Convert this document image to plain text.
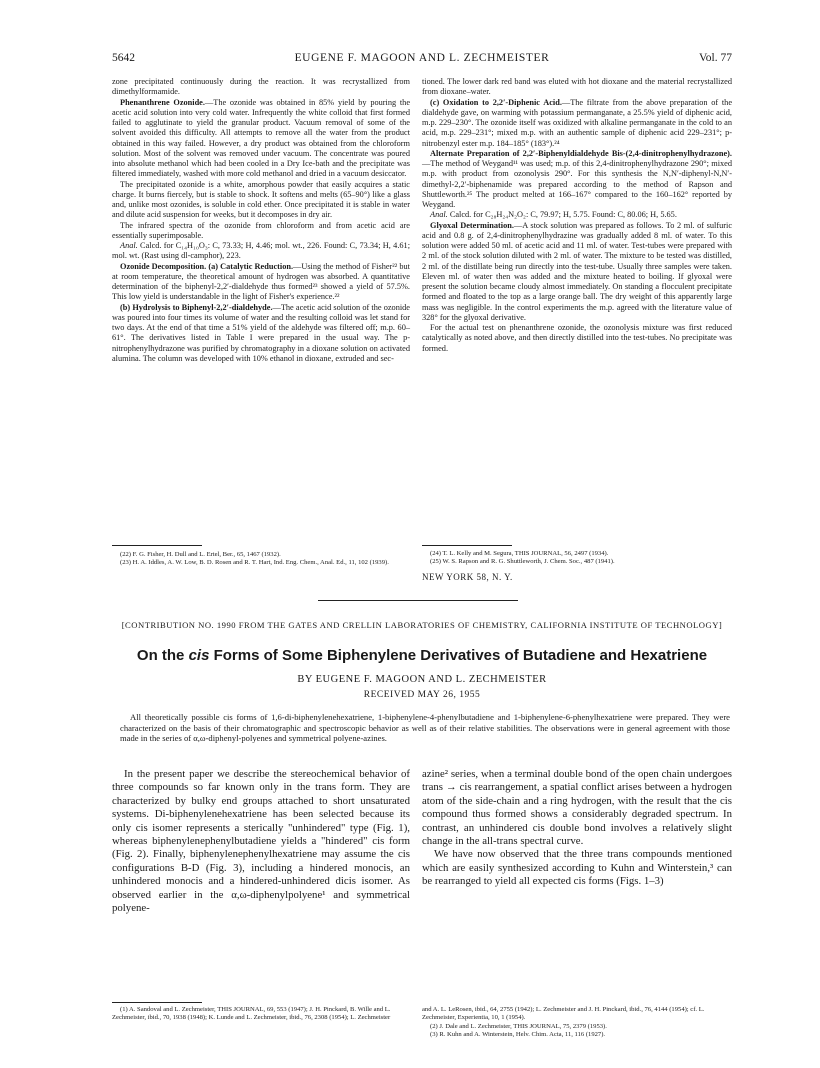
5642	EUGENE F. MAGOON AND L. ZECHMEISTER	Vol. 77

zone precipitated continuously during the reaction. It was recrystallized from dimethylformamide.

Phenanthrene Ozonide.—The ozonide was obtained in 85% yield by pouring the acetic acid solution into very cold water. Infrequently the white colloid that first formed failed to agglutinate to yield the granular product. Vacuum removal of some of the solvent avoided this difficulty. All attempts to remove all the water from the product obtained in this way failed. However, a dry product was obtained from the chloroform solution. Most of the solvent was removed under vacuum. The concentrate was poured into absolute methanol which had been cooled in a Dry Ice-bath and the precipitate was filtered immediately, washed with more cold methanol and dried in a vacuum desiccator.

The precipitated ozonide is a white, amorphous powder that easily acquires a static charge. It burns fiercely, but is stable to shock. It softens and melts (65–90°) like a glass and, unlike most ozonides, is soluble in cold ether. Once precipitated it is stable in water and dilute acid suspension for weeks, but it decomposes in dry air.

The infrared spectra of the ozonide from chloroform and from acetic acid are essentially superimposable.

Anal. Calcd. for C₁₄H₁₀O₃: C, 73.33; H, 4.46; mol. wt., 226. Found: C, 73.34; H, 4.61; mol. wt. (Rast using dl-camphor), 223.

Ozonide Decomposition. (a) Catalytic Reduction.—Using the method of Fisher²² but at room temperature, the theoretical amount of hydrogen was absorbed. A quantitative determination of the biphenyl-2,2′-dialdehyde thus formed²³ showed a yield of 57.5%. This low yield is understandable in the light of Fisher's experience.²²

(b) Hydrolysis to Biphenyl-2,2′-dialdehyde.—The acetic acid solution of the ozonide was poured into four times its volume of water and the resulting colloid was let stand for two days. At the end of that time a 51% yield of the aldehyde was filtered off; m.p. 60–61°. The derivatives listed in Table I were prepared in the usual way. The p-nitrophenylhydrazone was purified by chromatography in a dioxane solution on activated alumina. The column was developed with 10% ethanol in dioxane, extruded and sec-

tioned. The lower dark red band was eluted with hot dioxane and the material recrystallized from dioxane–water.

(c) Oxidation to 2,2′-Diphenic Acid.—The filtrate from the above preparation of the dialdehyde gave, on warming with potassium permanganate, a 25.5% yield of diphenic acid, m.p. 229–230°. The ozonide itself was oxidized with alkaline permanganate in the cold to an acid, m.p. 229–231°; mixed m.p. with an authentic sample of diphenic acid 229–231°; p-nitrobenzyl ester m.p. 184–185° (183°).²⁴

Alternate Preparation of 2,2′-Biphenyldialdehyde Bis-(2,4-dinitrophenylhydrazone).—The method of Weygand¹¹ was used; m.p. of this 2,4-dinitrophenylhydrazone 290°; mixed m.p. with product from ozonolysis 290°. For this synthesis the N,N′-diphenyl-N,N′-dimethyl-2,2′-biphenamide was prepared according to the method of Rapson and Shuttleworth.²⁵ The product melted at 166–167° compared to the 160–162° reported by Weygand.

Anal. Calcd. for C₂₈H₂₄N₂O₂: C, 79.97; H, 5.75. Found: C, 80.06; H, 5.65.

Glyoxal Determination.—A stock solution was prepared as follows. To 2 ml. of sulfuric acid and 0.8 g. of 2,4-dinitrophenylhydrazine was gradually added 8 ml. of water. To this solution were added 50 ml. of acetic acid and 11 ml. of water. Test-tubes were prepared with 2 ml. of the stock solution diluted with 2 ml. of water. The mixture to be tested was distilled, 2 ml. of the distillate being run directly into the test-tube. Usually three samples were taken. Eleven ml. of water then was added and the mixture heated to boiling. If glyoxal were present the solution became cloudy almost immediately. On standing a flocculent precipitate formed and floated to the top as a large orange ball. The dry weight of this apparently large mass was negligible. In the control experiments the m.p. agreed with the literature value of 328° for the glyoxal derivative.

For the actual test on phenanthrene ozonide, the ozonolysis mixture was first reduced catalytically as noted above, and then directly distilled into the test-tubes. No precipitate was formed.

(22) F. G. Fisher, H. Dull and L. Ertel, Ber., 65, 1467 (1932).

(23) H. A. Iddles, A. W. Low, B. D. Rosen and R. T. Hart, Ind. Eng. Chem., Anal. Ed., 11, 102 (1939).

(24) T. L. Kelly and M. Segura, THIS JOURNAL, 56, 2497 (1934).

(25) W. S. Rapson and R. G. Shuttleworth, J. Chem. Soc., 487 (1941).

NEW YORK 58, N. Y.

[CONTRIBUTION NO. 1990 FROM THE GATES AND CRELLIN LABORATORIES OF CHEMISTRY, CALIFORNIA INSTITUTE OF TECHNOLOGY]
On the cis Forms of Some Biphenylene Derivatives of Butadiene and Hexatriene
BY EUGENE F. MAGOON AND L. ZECHMEISTER
RECEIVED MAY 26, 1955

All theoretically possible cis forms of 1,6-di-biphenylenehexatriene, 1-biphenylene-4-phenylbutadiene and 1-biphenylene-6-phenylhexatriene were prepared. They were characterized on the basis of their chromatographic and spectroscopic behavior as well as of their relative stabilities. The observations were in general agreement with those made in the series of α,ω-diphenyl-polyenes and symmetrical polyene-azines.

In the present paper we describe the stereochemical behavior of three compounds so far known only in the trans form. They are characterized by bulky end groups attached to short unsaturated systems. Di-biphenylenehexatriene has been selected because its only cis isomer represents a sterically "unhindered" type (Fig. 1), whereas biphenylenephenylbutadiene yields a "hindered" cis form (Fig. 2). Finally, biphenylenephenylhexatriene may assume the cis configurations B-D (Fig. 3), including a hindered monocis, an unhindered monocis and a hindered-unhindered dicis isomer. As observed earlier in the α,ω-diphenylpolyene¹ and symmetrical polyene-

azine² series, when a terminal double bond of the open chain undergoes trans → cis rearrangement, a spatial conflict arises between a hydrogen atom of the side-chain and a ring hydrogen, with the result that the cis compound thus formed shows a considerably degraded spectrum. In contrast, an unhindered cis double bond involves a relatively slight change in the all-trans spectral curve.

We have now observed that the three trans compounds mentioned which are easily synthesized according to Kuhn and Winterstein,³ can be rearranged to yield all expected cis forms (Figs. 1–3)

(1) A. Sandoval and L. Zechmeister, THIS JOURNAL, 69, 553 (1947); J. H. Pinckard, B. Wille and L. Zechmeister, ibid., 70, 1938 (1948); K. Lunde and L. Zechmeister, ibid., 76, 2308 (1954); L. Zechmeister

and A. L. LeRosen, ibid., 64, 2755 (1942); L. Zechmeister and J. H. Pinckard, ibid., 76, 4144 (1954); cf. L. Zechmeister, Experientia, 10, 1 (1954).

(2) J. Dale and L. Zechmeister, THIS JOURNAL, 75, 2379 (1953).

(3) R. Kuhn and A. Winterstein, Helv. Chim. Acta, 11, 116 (1927).
